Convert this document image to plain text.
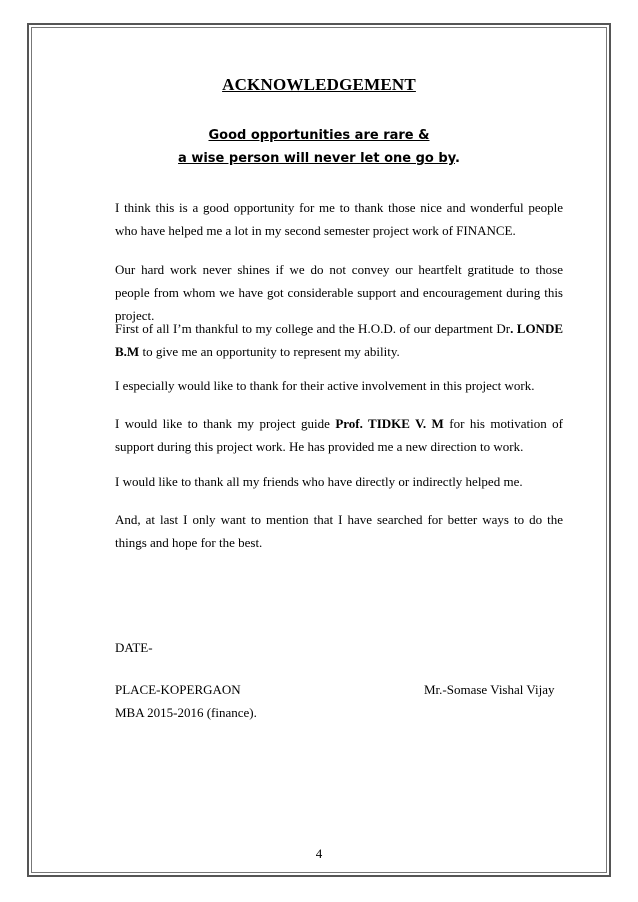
ACKNOWLEDGEMENT
Good opportunities are rare &
a wise person will never let one go by.
I think this is a good opportunity for me to thank those nice and wonderful people who have helped me a lot in my second semester project work of FINANCE.
Our hard work never shines if we do not convey our heartfelt gratitude to those people from whom we have got considerable support and encouragement during this project.
First of all I’m thankful to my college and the H.O.D. of our department Dr. LONDE B.M to give me an opportunity to represent my ability.
I especially would like to thank for their active involvement in this project work.
I would like to thank my project guide Prof. TIDKE V. M for his motivation of support during this project work. He has provided me a new direction to work.
I would like to thank all my friends who have directly or indirectly helped me.
And, at last I only want to mention that I have searched for better ways to do the things and hope for the best.
DATE-
PLACE-KOPERGAON	Mr.-Somase Vishal Vijay
MBA 2015-2016 (finance).
4
